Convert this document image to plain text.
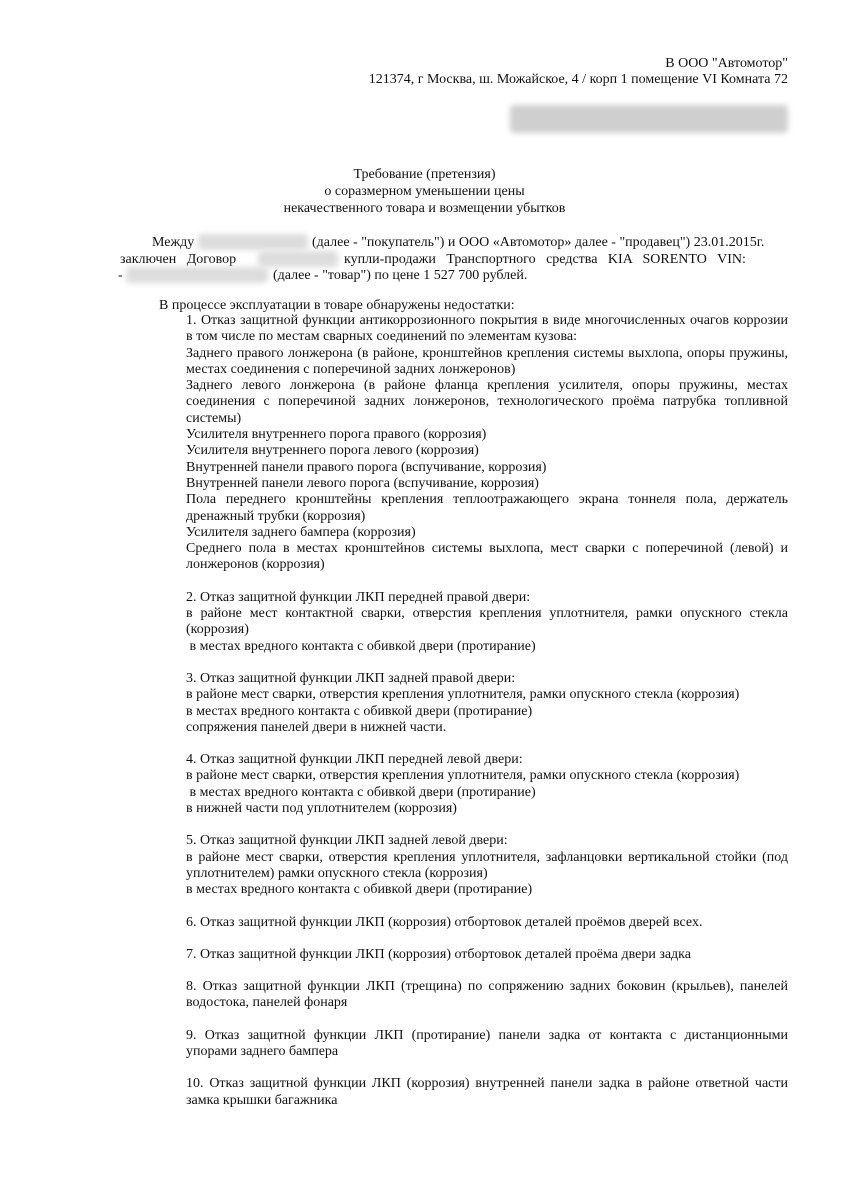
В ООО "Автомотор"

121374, г Москва, ш. Можайское, 4 / корп 1 помещение VI Комната 72

Требование (претензия)

о соразмерном уменьшении цены

некачественного товара и возмещении убытков

Между	(далее - "покупатель") и ООО «Автомотор» далее - "продавец") 23.01.2015г.

заключен   Договор	купли-продажи   Транспортного   средства   KIA   SORENTO   VIN:

-	(далее - "товар") по цене 1 527 700 рублей.

В процессе эксплуатации в товаре обнаружены недостатки:

1. Отказ защитной функции антикоррозионного покрытия в виде многочисленных очагов коррозии

в том числе по местам сварных соединений по элементам кузова:

Заднего правого лонжерона (в районе, кронштейнов крепления системы выхлопа, опоры пружины,

местах соединения с поперечиной задних лонжеронов)

Заднего левого лонжерона (в районе фланца крепления усилителя, опоры пружины, местах

соединения с поперечиной задних лонжеронов, технологического проёма патрубка топливной

системы)

Усилителя внутреннего порога правого (коррозия)

Усилителя внутреннего порога левого (коррозия)

Внутренней панели правого порога (вспучивание, коррозия)

Внутренней панели левого порога (вспучивание, коррозия)

Пола переднего кронштейны крепления теплоотражающего экрана тоннеля пола, держатель

дренажный трубки (коррозия)

Усилителя заднего бампера (коррозия)

Среднего пола в местах кронштейнов системы выхлопа, мест сварки с поперечиной (левой) и

лонжеронов (коррозия)

2. Отказ защитной функции ЛКП передней правой двери:

в районе мест контактной сварки, отверстия крепления уплотнителя, рамки опускного стекла

(коррозия)

в местах вредного контакта с обивкой двери (протирание)

3. Отказ защитной функции ЛКП задней правой двери:

в районе мест сварки, отверстия крепления уплотнителя, рамки опускного стекла (коррозия)

в местах вредного контакта с обивкой двери (протирание)

сопряжения панелей двери в нижней части.

4. Отказ защитной функции ЛКП передней левой двери:

в районе мест сварки, отверстия крепления уплотнителя, рамки опускного стекла (коррозия)

в местах вредного контакта с обивкой двери (протирание)

в нижней части под уплотнителем (коррозия)

5. Отказ защитной функции ЛКП задней левой двери:

в районе мест сварки, отверстия крепления уплотнителя, зафланцовки вертикальной стойки (под

уплотнителем) рамки опускного стекла (коррозия)

в местах вредного контакта с обивкой двери (протирание)

6. Отказ защитной функции ЛКП (коррозия) отбортовок деталей проёмов дверей всех.

7. Отказ защитной функции ЛКП (коррозия) отбортовок деталей проёма двери задка

8. Отказ защитной функции ЛКП (трещина) по сопряжению задних боковин (крыльев), панелей

водостока, панелей фонаря

9. Отказ защитной функции ЛКП (протирание) панели задка от контакта с дистанционными

упорами заднего бампера

10. Отказ защитной функции ЛКП (коррозия) внутренней панели задка в районе ответной части

замка крышки багажника
